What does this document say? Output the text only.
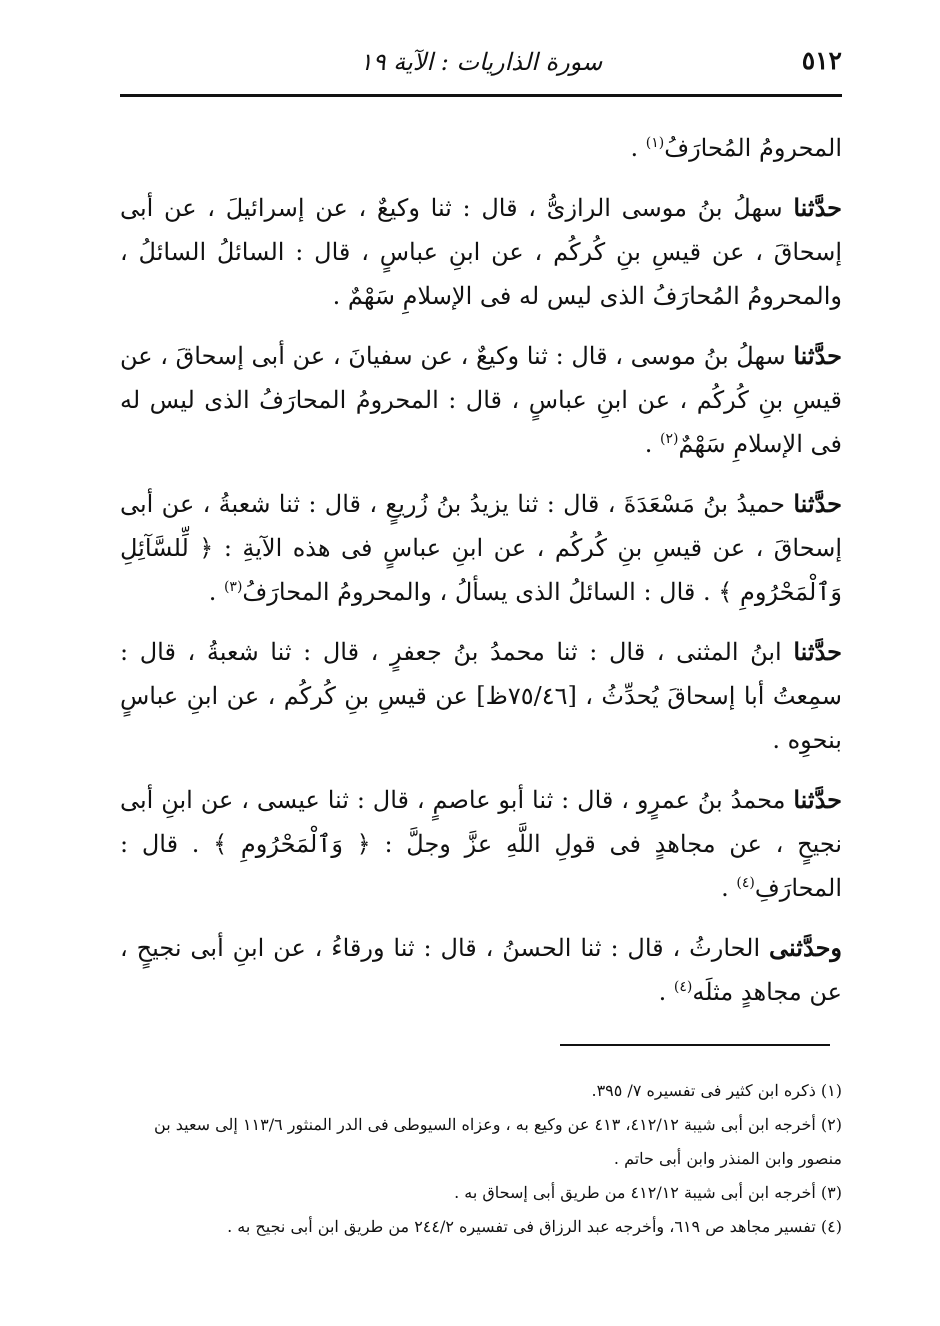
٥١٢
سورة الذاريات : الآية ١٩

المحرومُ المُحارَفُ$^{(١)}$ .

حدَّثنا سهلُ بنُ موسى الرازىُّ ، قال : ثنا وكيعٌ ، عن إسرائيلَ ، عن أبى إسحاقَ ، عن قيسِ بنِ كُركُم ، عن ابنِ عباسٍ ، قال : السائلُ السائلُ ، والمحرومُ المُحارَفُ الذى ليس له فى الإسلامِ سَهْمٌ .

حدَّثنا سهلُ بنُ موسى ، قال : ثنا وكيعٌ ، عن سفيانَ ، عن أبى إسحاقَ ، عن قيسِ بنِ كُركُم ، عن ابنِ عباسٍ ، قال : المحرومُ المحارَفُ الذى ليس له فى الإسلامِ سَهْمٌ$^{(٢)}$ .

حدَّثنا حميدُ بنُ مَسْعَدَةَ ، قال : ثنا يزيدُ بنُ زُريعٍ ، قال : ثنا شعبةُ ، عن أبى إسحاقَ ، عن قيسِ بنِ كُركُم ، عن ابنِ عباسٍ فى هذه الآيةِ : ﴿ لِّلسَّآئِلِ وَٱلْمَحْرُومِ ﴾ . قال : السائلُ الذى يسألُ ، والمحرومُ المحارَفُ$^{(٣)}$ .

حدَّثنا ابنُ المثنى ، قال : ثنا محمدُ بنُ جعفرٍ ، قال : ثنا شعبةُ ، قال : سمِعتُ أبا إسحاقَ يُحدِّثُ ، [٧٥/٤٦ظ] عن قيسِ بنِ كُركُم ، عن ابنِ عباسٍ بنحوِه .

حدَّثنا محمدُ بنُ عمرٍو ، قال : ثنا أبو عاصمٍ ، قال : ثنا عيسى ، عن ابنِ أبى نجيحٍ ، عن مجاهدٍ فى قولِ اللَّهِ عزَّ وجلَّ : ﴿ وَٱلْمَحْرُومِ ﴾ . قال : المحارَفِ$^{(٤)}$ .

وحدَّثنى الحارثُ ، قال : ثنا الحسنُ ، قال : ثنا ورقاءُ ، عن ابنِ أبى نجيحٍ ، عن مجاهدٍ مثلَه$^{(٤)}$ .

(١) ذكره ابن كثير فى تفسيره ٧/ ٣٩٥.

(٢) أخرجه ابن أبى شيبة ٤١٢/١٢، ٤١٣ عن وكيع به ، وعزاه السيوطى فى الدر المنثور ١١٣/٦ إلى سعيد بن منصور وابن المنذر وابن أبى حاتم .

(٣) أخرجه ابن أبى شيبة ٤١٢/١٢ من طريق أبى إسحاق به .

(٤) تفسير مجاهد ص ٦١٩، وأخرجه عبد الرزاق فى تفسيره ٢٤٤/٢ من طريق ابن أبى نجيح به .
